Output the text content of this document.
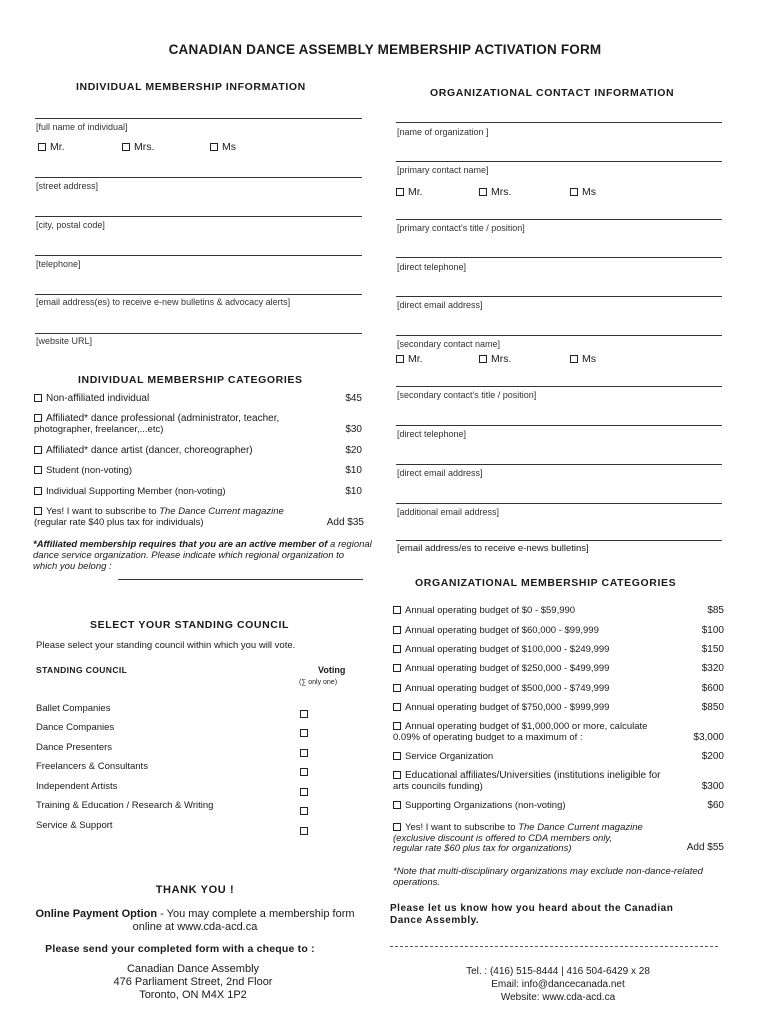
CANADIAN DANCE ASSEMBLY MEMBERSHIP ACTIVATION FORM
INDIVIDUAL MEMBERSHIP INFORMATION
[full name of individual]
Mr.	Mrs.	Ms
[street address]
[city, postal code]
[telephone]
[email address(es) to receive e-new bulletins & advocacy alerts]
[website URL]
INDIVIDUAL MEMBERSHIP CATEGORIES
Non-affiliated individual	$45
Affiliated* dance professional (administrator, teacher,
photographer, freelancer,...etc)	$30
Affiliated* dance artist (dancer, choreographer)	$20
Student (non-voting)	$10
Individual Supporting Member (non-voting)	$10
Yes! I want to subscribe to The Dance Current magazine
(regular rate $40 plus tax for individuals)	Add $35
*Affiliated membership requires that you are an active member of a regional
dance service organization. Please indicate which regional organization to
which you belong :
SELECT YOUR STANDING COUNCIL
Please select your standing council within which you will vote.
STANDING COUNCIL	Voting
(∑ only one)
Ballet Companies
Dance Companies
Dance Presenters
Freelancers & Consultants
Independent Artists
Training & Education / Research & Writing
Service & Support
THANK YOU !
Online Payment Option - You may complete a membership form
online at www.cda-acd.ca
Please send your completed form with a cheque to :
Canadian Dance Assembly
476 Parliament Street, 2nd Floor
Toronto, ON M4X 1P2
ORGANIZATIONAL CONTACT INFORMATION
[name of organization ]
[primary contact name]
Mr.	Mrs.	Ms
[primary contact's title / position]
[direct telephone]
[direct email address]
[secondary contact name]
Mr.	Mrs.	Ms
[secondary contact's title / position]
[direct telephone]
[direct email address]
[additional email address]
[email address/es to receive e-news bulletins]
ORGANIZATIONAL MEMBERSHIP CATEGORIES
Annual operating budget of $0 - $59,990	$85
Annual operating budget of $60,000 - $99,999	$100
Annual operating budget of $100,000 - $249,999	$150
Annual operating budget of $250,000 - $499,999	$320
Annual operating budget of $500,000 - $749,999	$600
Annual operating budget of $750,000 - $999,999	$850
Annual operating budget of $1,000,000 or more, calculate
0.09% of operating budget to a maximum of :	$3,000
Service Organization	$200
Educational affiliates/Universities (institutions ineligible for
arts councils funding)	$300
Supporting Organizations (non-voting)	$60
Yes! I want to subscribe to The Dance Current magazine
(exclusive discount is offered to CDA members only,
regular rate $60 plus tax for organizations)	Add $55
*Note that multi-disciplinary organizations may exclude non-dance-related
operations.
Please let us know how you heard about the Canadian
Dance Assembly.
Tel. : (416) 515-8444 | 416 504-6429 x 28
Email: info@dancecanada.net
Website: www.cda-acd.ca
